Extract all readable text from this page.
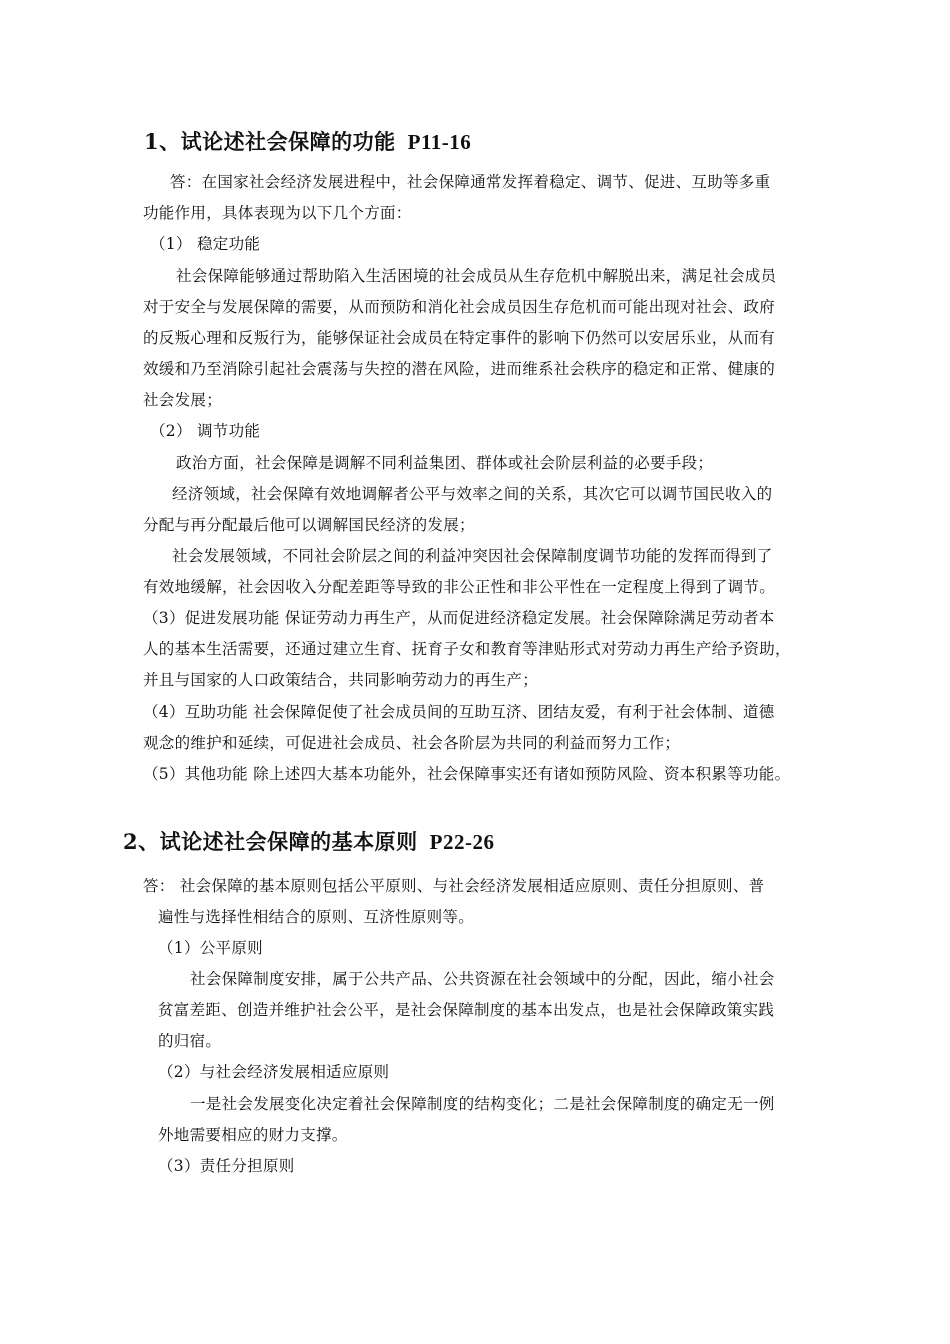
1、试论述社会保障的功能 P11-16
答：在国家社会经济发展进程中，社会保障通常发挥着稳定、调节、促进、互助等多重
功能作用，具体表现为以下几个方面：
（1） 稳定功能
社会保障能够通过帮助陷入生活困境的社会成员从生存危机中解脱出来，满足社会成员
对于安全与发展保障的需要，从而预防和消化社会成员因生存危机而可能出现对社会、政府
的反叛心理和反叛行为，能够保证社会成员在特定事件的影响下仍然可以安居乐业，从而有
效缓和乃至消除引起社会震荡与失控的潜在风险，进而维系社会秩序的稳定和正常、健康的
社会发展；
（2） 调节功能
政治方面，社会保障是调解不同利益集团、群体或社会阶层利益的必要手段；
经济领域，社会保障有效地调解者公平与效率之间的关系，其次它可以调节国民收入的
分配与再分配最后他可以调解国民经济的发展；
社会发展领域，不同社会阶层之间的利益冲突因社会保障制度调节功能的发挥而得到了
有效地缓解，社会因收入分配差距等导致的非公正性和非公平性在一定程度上得到了调节。
（3）促进发展功能 保证劳动力再生产，从而促进经济稳定发展。社会保障除满足劳动者本
人的基本生活需要，还通过建立生育、抚育子女和教育等津贴形式对劳动力再生产给予资助，
并且与国家的人口政策结合，共同影响劳动力的再生产；
（4）互助功能 社会保障促使了社会成员间的互助互济、团结友爱，有利于社会体制、道德
观念的维护和延续，可促进社会成员、社会各阶层为共同的利益而努力工作；
（5）其他功能 除上述四大基本功能外，社会保障事实还有诸如预防风险、资本积累等功能。
2、试论述社会保障的基本原则 P22-26
答： 社会保障的基本原则包括公平原则、与社会经济发展相适应原则、责任分担原则、普
遍性与选择性相结合的原则、互济性原则等。
（1）公平原则
社会保障制度安排，属于公共产品、公共资源在社会领域中的分配，因此，缩小社会
贫富差距、创造并维护社会公平，是社会保障制度的基本出发点，也是社会保障政策实践
的归宿。
（2）与社会经济发展相适应原则
一是社会发展变化决定着社会保障制度的结构变化；二是社会保障制度的确定无一例
外地需要相应的财力支撑。
（3）责任分担原则
